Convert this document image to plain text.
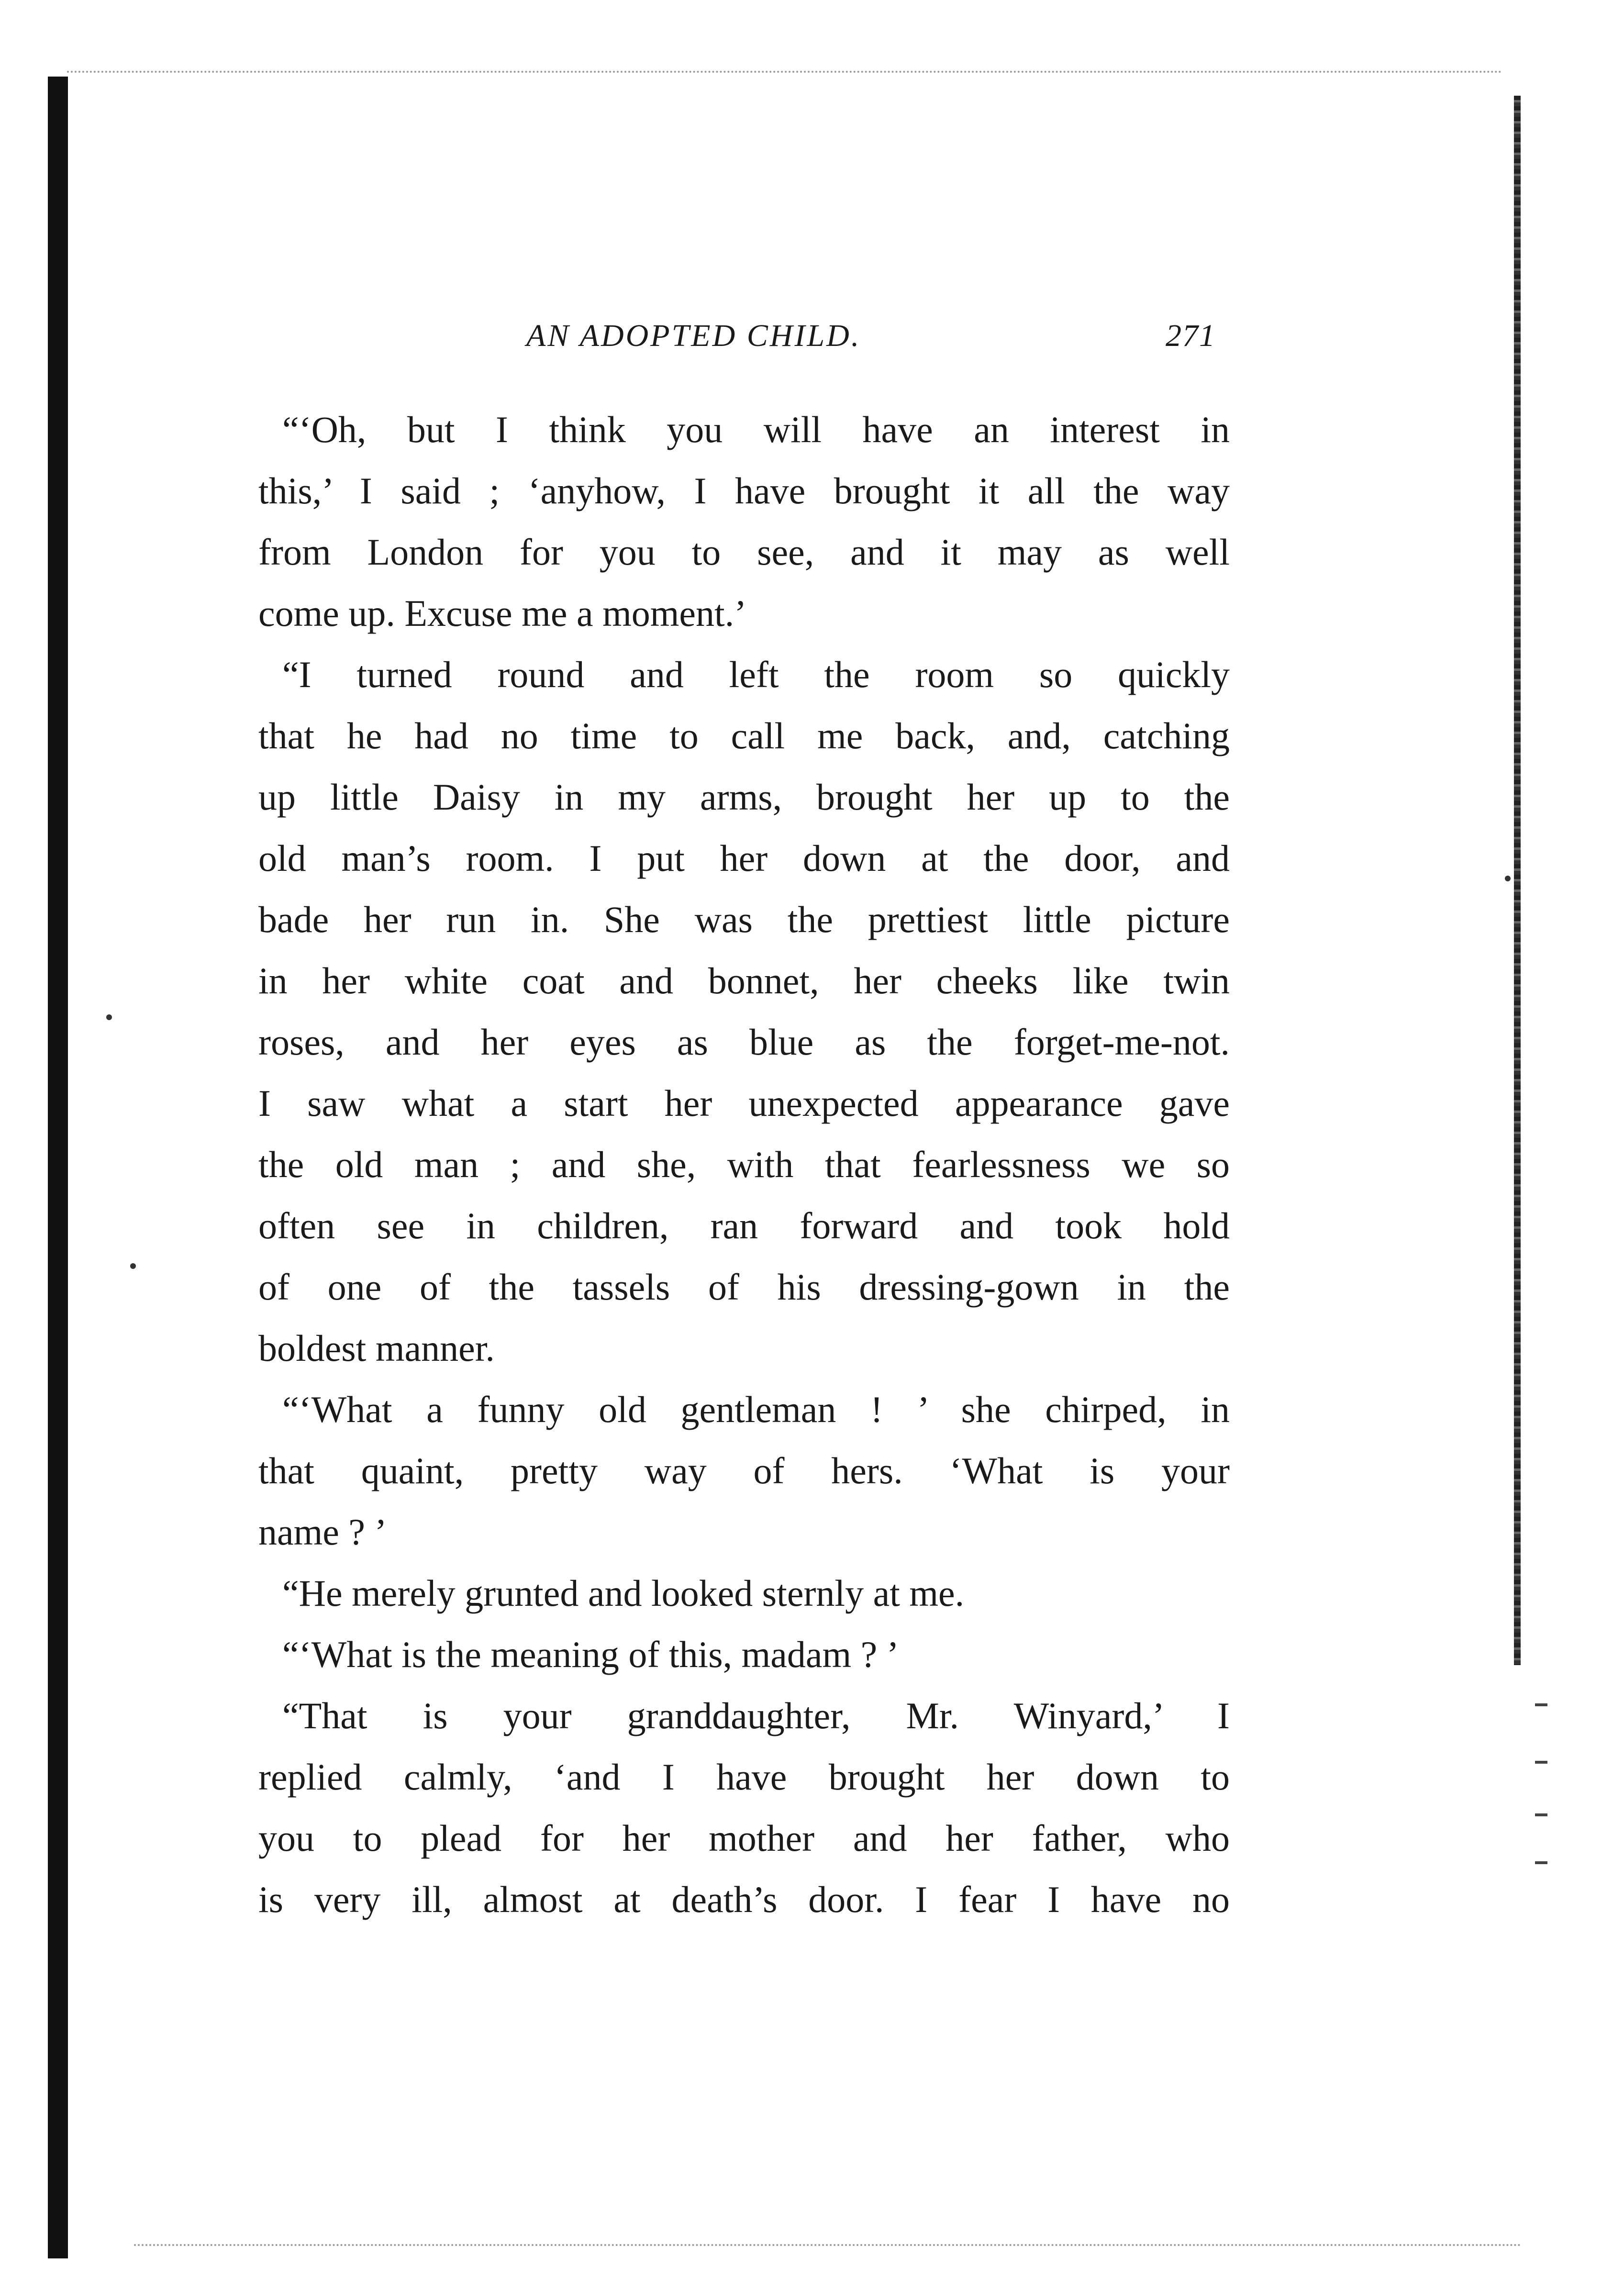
AN ADOPTED CHILD.	271
“‘Oh, but I think you will have an interest in
this,’ I said ; ‘anyhow, I have brought it all the way
from London for you to see, and it may as well
come up. Excuse me a moment.’
“I turned round and left the room so quickly
that he had no time to call me back, and, catching
up little Daisy in my arms, brought her up to the
old man’s room. I put her down at the door, and
bade her run in. She was the prettiest little picture
in her white coat and bonnet, her cheeks like twin
roses, and her eyes as blue as the forget-me-not.
I saw what a start her unexpected appearance gave
the old man ; and she, with that fearlessness we so
often see in children, ran forward and took hold
of one of the tassels of his dressing-gown in the
boldest manner.
“‘What a funny old gentleman ! ’ she chirped, in
that quaint, pretty way of hers. ‘What is your
name ? ’
“He merely grunted and looked sternly at me.
“‘What is the meaning of this, madam ? ’
“That is your granddaughter, Mr. Winyard,’ I
replied calmly, ‘and I have brought her down to
you to plead for her mother and her father, who
is very ill, almost at death’s door. I fear I have no
